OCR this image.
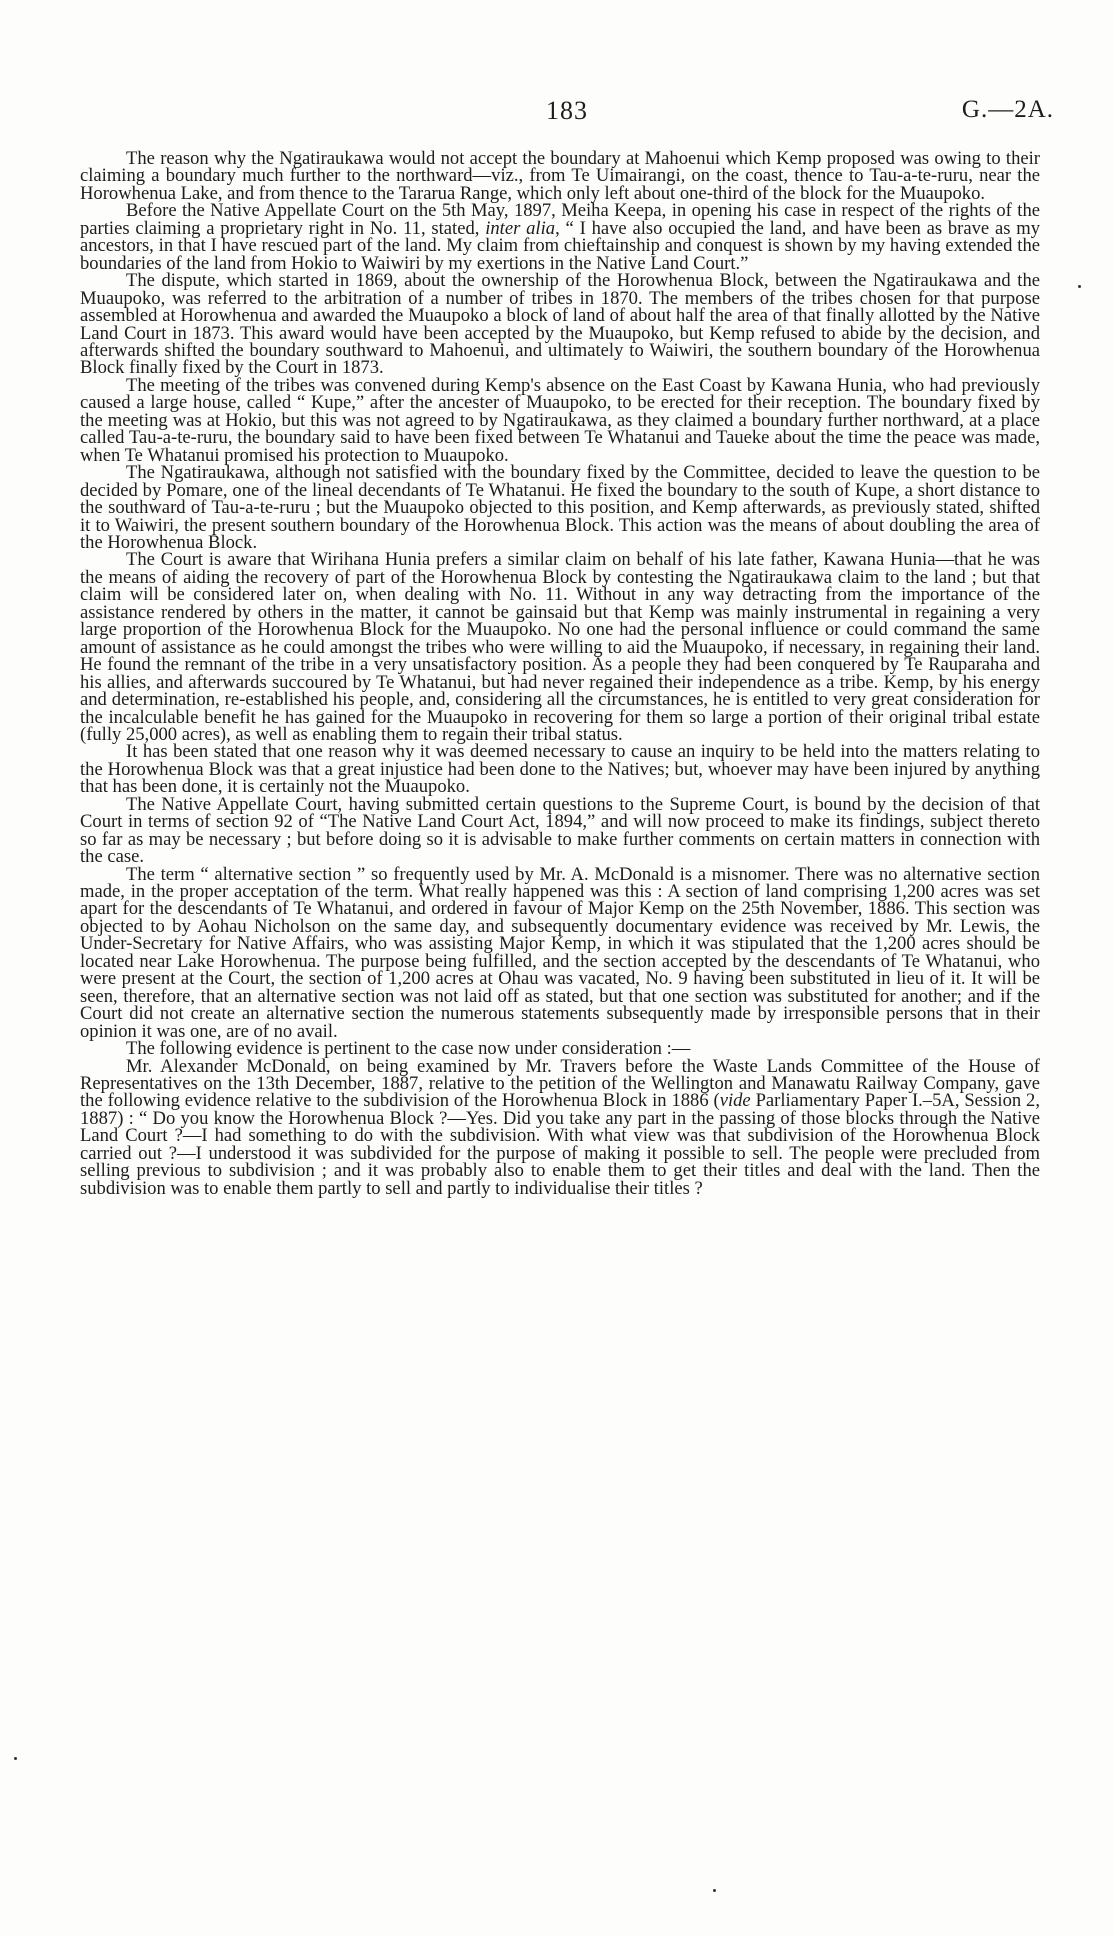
183	G.—2A.

The reason why the Ngatiraukawa would not accept the boundary at Mahoenui which Kemp proposed was owing to their claiming a boundary much further to the northward—viz., from Te Uimairangi, on the coast, thence to Tau-a-te-ruru, near the Horowhenua Lake, and from thence to the Tararua Range, which only left about one-third of the block for the Muaupoko.

Before the Native Appellate Court on the 5th May, 1897, Meiha Keepa, in opening his case in respect of the rights of the parties claiming a proprietary right in No. 11, stated, inter alia, “ I have also occupied the land, and have been as brave as my ancestors, in that I have rescued part of the land. My claim from chieftainship and conquest is shown by my having extended the boundaries of the land from Hokio to Waiwiri by my exertions in the Native Land Court.”

The dispute, which started in 1869, about the ownership of the Horowhenua Block, between the Ngatiraukawa and the Muaupoko, was referred to the arbitration of a number of tribes in 1870. The members of the tribes chosen for that purpose assembled at Horowhenua and awarded the Muaupoko a block of land of about half the area of that finally allotted by the Native Land Court in 1873. This award would have been accepted by the Muaupoko, but Kemp refused to abide by the decision, and afterwards shifted the boundary southward to Mahoenui, and ultimately to Waiwiri, the southern boundary of the Horowhenua Block finally fixed by the Court in 1873.

The meeting of the tribes was convened during Kemp's absence on the East Coast by Kawana Hunia, who had previously caused a large house, called “ Kupe,” after the ancester of Muaupoko, to be erected for their reception. The boundary fixed by the meeting was at Hokio, but this was not agreed to by Ngatiraukawa, as they claimed a boundary further northward, at a place called Tau-a-te-ruru, the boundary said to have been fixed between Te Whatanui and Taueke about the time the peace was made, when Te Whatanui promised his protection to Muaupoko.

The Ngatiraukawa, although not satisfied with the boundary fixed by the Committee, decided to leave the question to be decided by Pomare, one of the lineal decendants of Te Whatanui. He fixed the boundary to the south of Kupe, a short distance to the southward of Tau-a-te-ruru ; but the Muaupoko objected to this position, and Kemp afterwards, as previously stated, shifted it to Waiwiri, the present southern boundary of the Horowhenua Block. This action was the means of about doubling the area of the Horowhenua Block.

The Court is aware that Wirihana Hunia prefers a similar claim on behalf of his late father, Kawana Hunia—that he was the means of aiding the recovery of part of the Horowhenua Block by contesting the Ngatiraukawa claim to the land ; but that claim will be considered later on, when dealing with No. 11. Without in any way detracting from the importance of the assistance rendered by others in the matter, it cannot be gainsaid but that Kemp was mainly instrumental in regaining a very large proportion of the Horowhenua Block for the Muaupoko. No one had the personal influence or could command the same amount of assistance as he could amongst the tribes who were willing to aid the Muaupoko, if necessary, in regaining their land. He found the remnant of the tribe in a very unsatisfactory position. As a people they had been conquered by Te Rauparaha and his allies, and afterwards succoured by Te Whatanui, but had never regained their independence as a tribe. Kemp, by his energy and determination, re-established his people, and, considering all the circumstances, he is entitled to very great consideration for the incalculable benefit he has gained for the Muaupoko in recovering for them so large a portion of their original tribal estate (fully 25,000 acres), as well as enabling them to regain their tribal status.

It has been stated that one reason why it was deemed necessary to cause an inquiry to be held into the matters relating to the Horowhenua Block was that a great injustice had been done to the Natives; but, whoever may have been injured by anything that has been done, it is certainly not the Muaupoko.

The Native Appellate Court, having submitted certain questions to the Supreme Court, is bound by the decision of that Court in terms of section 92 of “The Native Land Court Act, 1894,” and will now proceed to make its findings, subject thereto so far as may be necessary ; but before doing so it is advisable to make further comments on certain matters in connection with the case.

The term “ alternative section ” so frequently used by Mr. A. McDonald is a misnomer. There was no alternative section made, in the proper acceptation of the term. What really happened was this : A section of land comprising 1,200 acres was set apart for the descendants of Te Whatanui, and ordered in favour of Major Kemp on the 25th November, 1886. This section was objected to by Aohau Nicholson on the same day, and subsequently documentary evidence was received by Mr. Lewis, the Under-Secretary for Native Affairs, who was assisting Major Kemp, in which it was stipulated that the 1,200 acres should be located near Lake Horowhenua. The purpose being fulfilled, and the section accepted by the descendants of Te Whatanui, who were present at the Court, the section of 1,200 acres at Ohau was vacated, No. 9 having been substituted in lieu of it. It will be seen, therefore, that an alternative section was not laid off as stated, but that one section was substituted for another; and if the Court did not create an alternative section the numerous statements subsequently made by irresponsible persons that in their opinion it was one, are of no avail.

The following evidence is pertinent to the case now under consideration :—

Mr. Alexander McDonald, on being examined by Mr. Travers before the Waste Lands Committee of the House of Representatives on the 13th December, 1887, relative to the petition of the Wellington and Manawatu Railway Company, gave the following evidence relative to the subdivision of the Horowhenua Block in 1886 (vide Parliamentary Paper I.–5A, Session 2, 1887) : “ Do you know the Horowhenua Block ?—Yes. Did you take any part in the passing of those blocks through the Native Land Court ?—I had something to do with the subdivision. With what view was that subdivision of the Horowhenua Block carried out ?—I understood it was subdivided for the purpose of making it possible to sell. The people were precluded from selling previous to subdivision ; and it was probably also to enable them to get their titles and deal with the land. Then the subdivision was to enable them partly to sell and partly to individualise their titles ?
